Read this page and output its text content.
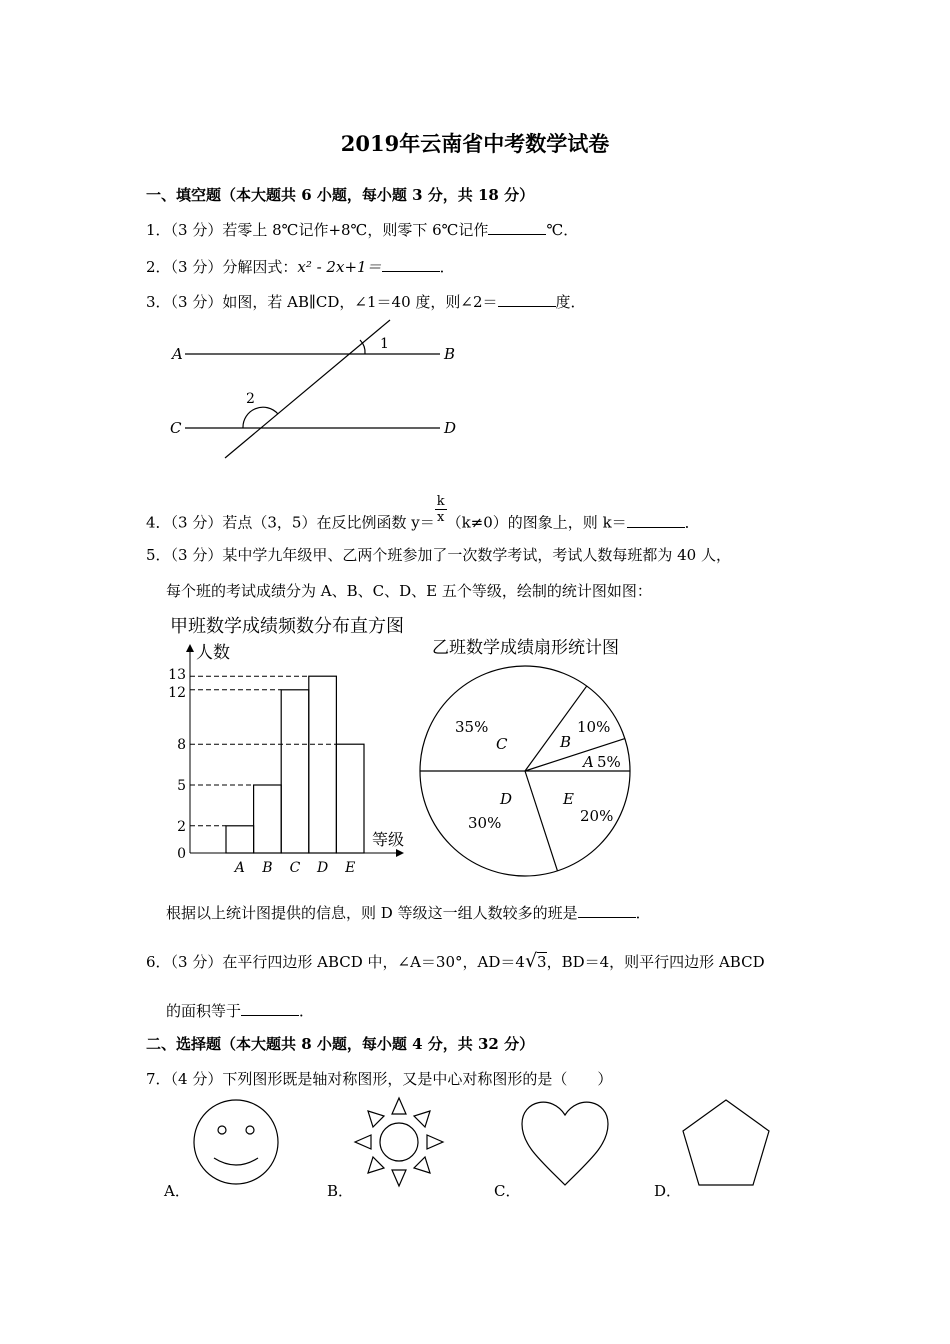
2019年云南省中考数学试卷
一、填空题（本大题共 6 小题，每小题 3 分，共 18 分）
1．（3 分）若零上 8℃记作+8℃，则零下 6℃记作	℃．
2．（3 分）分解因式：x² - 2x+1＝	．
3．（3 分）如图，若 AB∥CD，∠1＝40 度，则∠2＝	度．
A	B
C	D
1
2
甲班数学成绩频数分布直方图
人数
等级
0
2
5
8
12
13
A B C D E
乙班数学成绩扇形统计图
5%
A
10%
B
35%
C
30%
D
20%
E
4．（3 分）若点（3，5）在反比例函数 $y= \frac{k}{x} (k\ne 0)$的图象上，则 k＝	．
5．（3 分）某中学九年级甲、乙两个班参加了一次数学考试，考试人数每班都为 40 人，
每个班的考试成绩分为 A、B、C、D、E 五个等级，绘制的统计图如图：
根据以上统计图提供的信息，则 D 等级这一组人数较多的班是	．
6．（3 分）在平行四边形 ABCD 中，∠A＝30°，AD＝4√3，BD＝4，则平行四边形 ABCD
的面积等于	．
二、选择题（本大题共 8 小题，每小题 4 分，共 32 分）
7．（4 分）下列图形既是轴对称图形，又是中心对称图形的是（　　）
A．	B．	C．	D．
